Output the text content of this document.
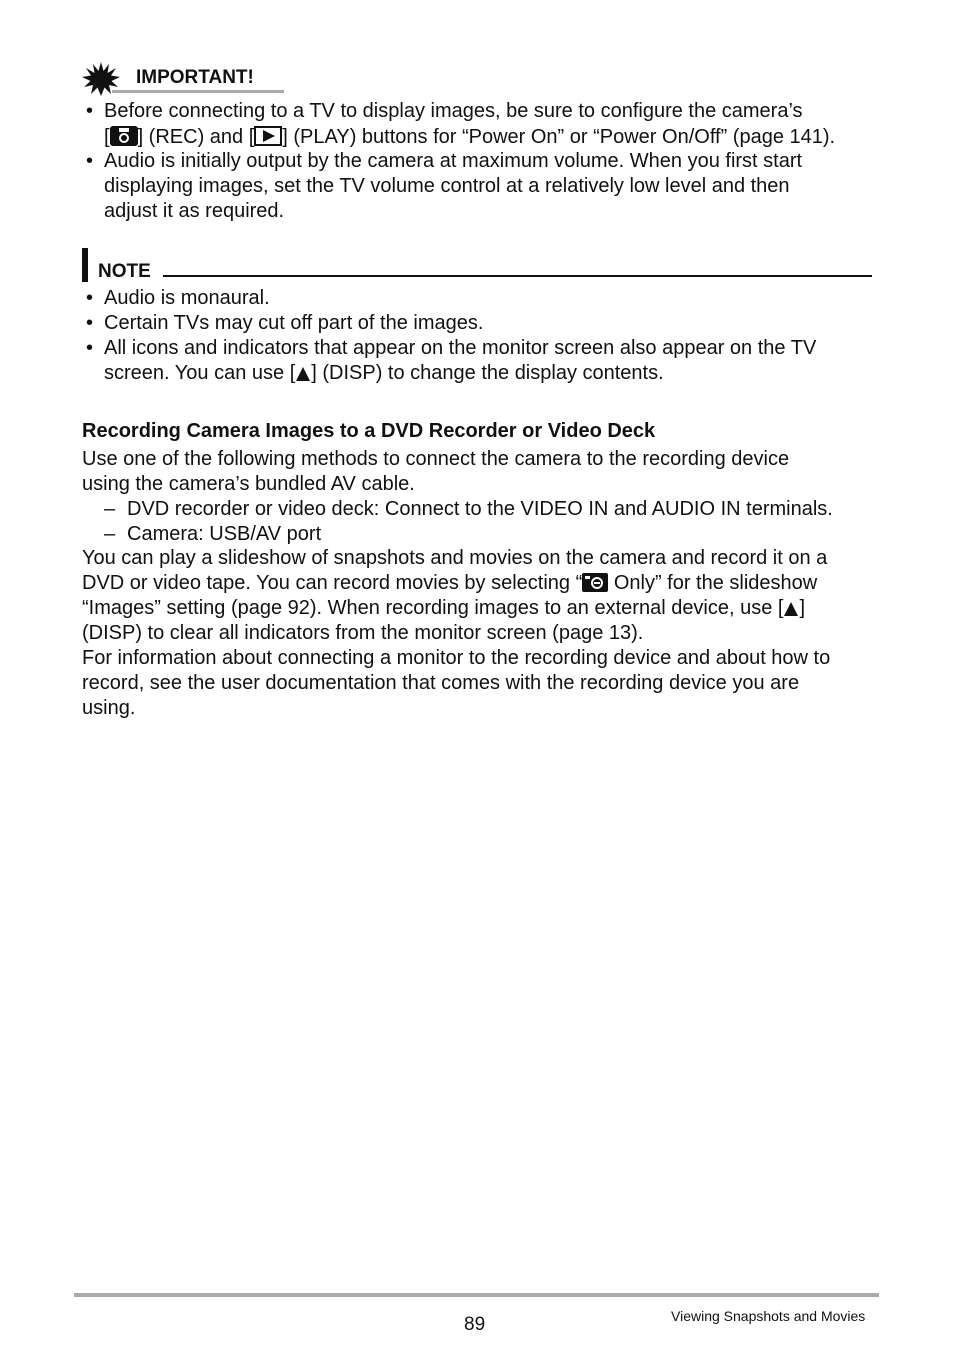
IMPORTANT!
• Before connecting to a TV to display images, be sure to configure the camera’s
[ ] (REC) and [ ] (PLAY) buttons for “Power On” or “Power On/Off” (page 141).
• Audio is initially output by the camera at maximum volume. When you first start
displaying images, set the TV volume control at a relatively low level and then
adjust it as required.
NOTE
• Audio is monaural.
• Certain TVs may cut off part of the images.
• All icons and indicators that appear on the monitor screen also appear on the TV
screen. You can use [ ] (DISP) to change the display contents.
Recording Camera Images to a DVD Recorder or Video Deck
Use one of the following methods to connect the camera to the recording device
using the camera’s bundled AV cable.
– DVD recorder or video deck: Connect to the VIDEO IN and AUDIO IN terminals.
– Camera: USB/AV port
You can play a slideshow of snapshots and movies on the camera and record it on a
DVD or video tape. You can record movies by selecting “ Only” for the slideshow
“Images” setting (page 92). When recording images to an external device, use [ ]
(DISP) to clear all indicators from the monitor screen (page 13).
For information about connecting a monitor to the recording device and about how to
record, see the user documentation that comes with the recording device you are
using.
89	Viewing Snapshots and Movies
